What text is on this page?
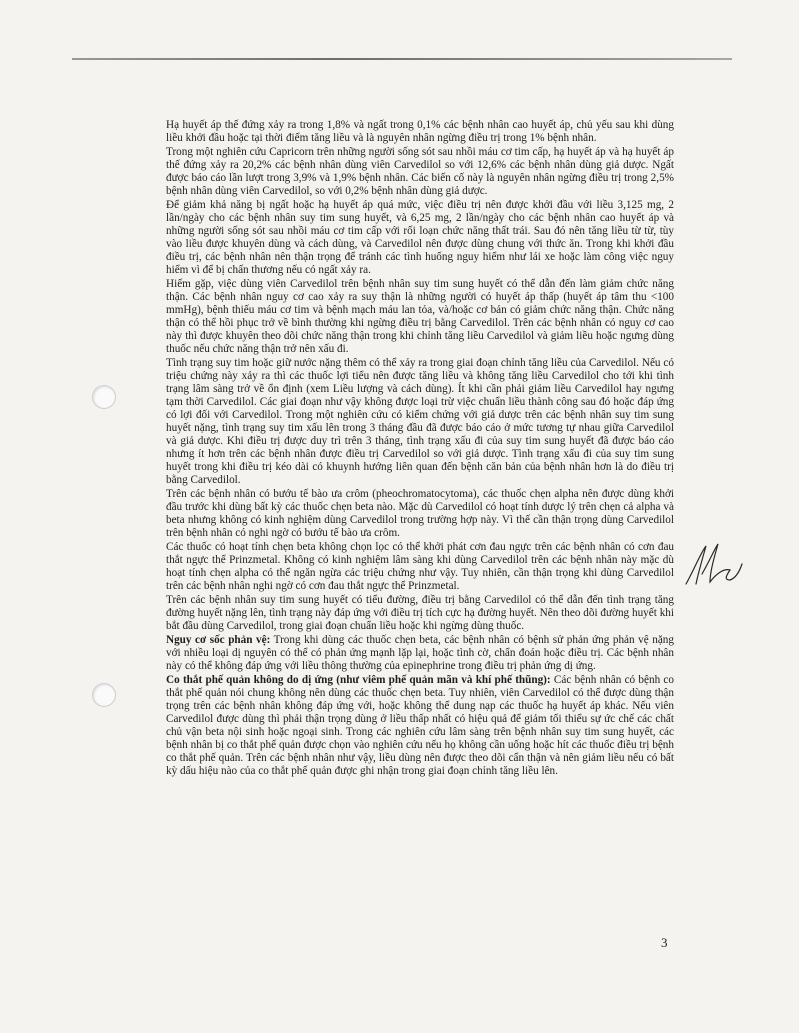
Hạ huyết áp thế đứng xảy ra trong 1,8% và ngất trong 0,1% các bệnh nhân cao huyết áp, chủ yếu sau khi dùng liều khởi đầu hoặc tại thời điểm tăng liều và là nguyên nhân ngừng điều trị trong 1% bệnh nhân.

Trong một nghiên cứu Capricorn trên những người sống sót sau nhồi máu cơ tim cấp, hạ huyết áp và hạ huyết áp thế đứng xảy ra 20,2% các bệnh nhân dùng viên Carvedilol so với 12,6% các bệnh nhân dùng giả dược. Ngất được báo cáo lần lượt trong 3,9% và 1,9% bệnh nhân. Các biến cố này là nguyên nhân ngừng điều trị trong 2,5% bệnh nhân dùng viên Carvedilol, so với 0,2% bệnh nhân dùng giả dược.

Để giảm khả năng bị ngất hoặc hạ huyết áp quá mức, việc điều trị nên được khởi đầu với liều 3,125 mg, 2 lần/ngày cho các bệnh nhân suy tim sung huyết, và 6,25 mg, 2 lần/ngày cho các bệnh nhân cao huyết áp và những người sống sót sau nhồi máu cơ tim cấp với rối loạn chức năng thất trái. Sau đó nên tăng liều từ từ, tùy vào liều được khuyên dùng và cách dùng, và Carvedilol nên được dùng chung với thức ăn. Trong khi khởi đầu điều trị, các bệnh nhân nên thận trọng để tránh các tình huống nguy hiểm như lái xe hoặc làm công việc nguy hiểm vì để bị chấn thương nếu có ngất xảy ra.

Hiếm gặp, việc dùng viên Carvedilol trên bệnh nhân suy tim sung huyết có thể dẫn đến làm giảm chức năng thận. Các bệnh nhân nguy cơ cao xảy ra suy thận là những người có huyết áp thấp (huyết áp tâm thu <100 mmHg), bệnh thiếu máu cơ tim và bệnh mạch máu lan tỏa, và/hoặc cơ bản có giảm chức năng thận. Chức năng thận có thể hồi phục trở về bình thường khi ngừng điều trị bằng Carvedilol. Trên các bệnh nhân có nguy cơ cao này thì được khuyên theo dõi chức năng thận trong khi chỉnh tăng liều Carvedilol và giảm liều hoặc ngưng dùng thuốc nếu chức năng thận trở nên xấu đi.

Tình trạng suy tim hoặc giữ nước nặng thêm có thể xảy ra trong giai đoạn chỉnh tăng liều của Carvedilol. Nếu có triệu chứng này xảy ra thì các thuốc lợi tiểu nên được tăng liều và không tăng liều Carvedilol cho tới khi tình trạng lâm sàng trở về ổn định (xem Liều lượng và cách dùng). Ít khi cần phải giảm liều Carvedilol hay ngưng tạm thời Carvedilol. Các giai đoạn như vậy không được loại trừ việc chuẩn liều thành công sau đó hoặc đáp ứng có lợi đối với Carvedilol. Trong một nghiên cứu có kiểm chứng với giả dược trên các bệnh nhân suy tim sung huyết nặng, tình trạng suy tim xấu lên trong 3 tháng đầu đã được báo cáo ở mức tương tự nhau giữa Carvedilol và giả dược. Khi điều trị được duy trì trên 3 tháng, tình trạng xấu đi của suy tim sung huyết đã được báo cáo nhưng ít hơn trên các bệnh nhân được điều trị Carvedilol so với giả dược. Tình trạng xấu đi của suy tim sung huyết trong khi điều trị kéo dài có khuynh hướng liên quan đến bệnh căn bản của bệnh nhân hơn là do điều trị bằng Carvedilol.

Trên các bệnh nhân có bướu tế bào ưa crôm (pheochromatocytoma), các thuốc chẹn alpha nên được dùng khởi đầu trước khi dùng bất kỳ các thuốc chẹn beta nào. Mặc dù Carvedilol có hoạt tính dược lý trên chẹn cả alpha và beta nhưng không có kinh nghiệm dùng Carvedilol trong trường hợp này. Vì thế cần thận trọng dùng Carvedilol trên bệnh nhân có nghi ngờ có bướu tế bào ưa crôm.

Các thuốc có hoạt tính chẹn beta không chọn lọc có thể khởi phát cơn đau ngực trên các bệnh nhân có cơn đau thắt ngực thể Prinzmetal. Không có kinh nghiệm lâm sàng khi dùng Carvedilol trên các bệnh nhân này mặc dù hoạt tính chẹn alpha có thể ngăn ngừa các triệu chứng như vậy. Tuy nhiên, cần thận trọng khi dùng Carvedilol trên các bệnh nhân nghi ngờ có cơn đau thắt ngực thể Prinzmetal.

Trên các bệnh nhân suy tim sung huyết có tiểu đường, điều trị bằng Carvedilol có thể dẫn đến tình trạng tăng đường huyết nặng lên, tình trạng này đáp ứng với điều trị tích cực hạ đường huyết. Nên theo dõi đường huyết khi bắt đầu dùng Carvedilol, trong giai đoạn chuẩn liều hoặc khi ngừng dùng thuốc.

Nguy cơ sốc phản vệ: Trong khi dùng các thuốc chẹn beta, các bệnh nhân có bệnh sử phản ứng phản vệ nặng với nhiều loại dị nguyên có thể có phản ứng mạnh lặp lại, hoặc tình cờ, chẩn đoán hoặc điều trị. Các bệnh nhân này có thể không đáp ứng với liều thông thường của epinephrine trong điều trị phản ứng dị ứng.

Co thắt phế quản không do dị ứng (như viêm phế quản mãn và khí phế thũng): Các bệnh nhân có bệnh co thắt phế quản nói chung không nên dùng các thuốc chẹn beta. Tuy nhiên, viên Carvedilol có thể được dùng thận trọng trên các bệnh nhân không đáp ứng với, hoặc không thể dung nạp các thuốc hạ huyết áp khác. Nếu viên Carvedilol được dùng thì phải thận trọng dùng ở liều thấp nhất có hiệu quả để giảm tối thiểu sự ức chế các chất chủ vận beta nội sinh hoặc ngoại sinh. Trong các nghiên cứu lâm sàng trên bệnh nhân suy tim sung huyết, các bệnh nhân bị co thắt phế quản được chọn vào nghiên cứu nếu họ không cần uống hoặc hít các thuốc điều trị bệnh co thắt phế quản. Trên các bệnh nhân như vậy, liều dùng nên được theo dõi cẩn thận và nên giảm liều nếu có bất kỳ dấu hiệu nào của co thắt phế quản được ghi nhận trong giai đoạn chỉnh tăng liều lên.

3
